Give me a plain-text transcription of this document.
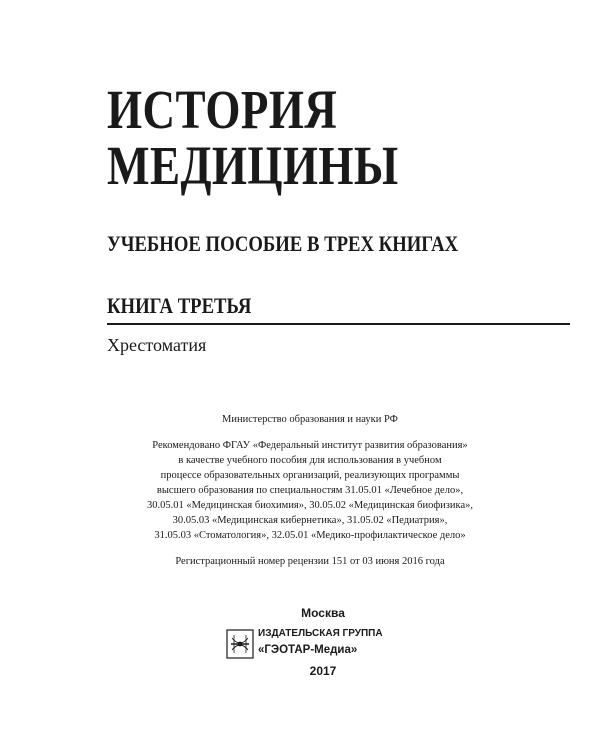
ИСТОРИЯ
МЕДИЦИНЫ
УЧЕБНОЕ ПОСОБИЕ В ТРЕХ КНИГАХ
КНИГА ТРЕТЬЯ
Хрестоматия

Министерство образования и науки РФ

Рекомендовано ФГАУ «Федеральный институт развития образования»
в качестве учебного пособия для использования в учебном
процессе образовательных организаций, реализующих программы
высшего образования по специальностям 31.05.01 «Лечебное дело»,
30.05.01 «Медицинская биохимия», 30.05.02 «Медицинская биофизика»,
30.05.03 «Медицинская кибернетика», 31.05.02 «Педиатрия»,
31.05.03 «Стоматология», 32.05.01 «Медико-профилактическое дело»

Регистрационный номер рецензии 151 от 03 июня 2016 года

Москва
ИЗДАТЕЛЬСКАЯ ГРУППА
«ГЭОТАР-Медиа»
2017
